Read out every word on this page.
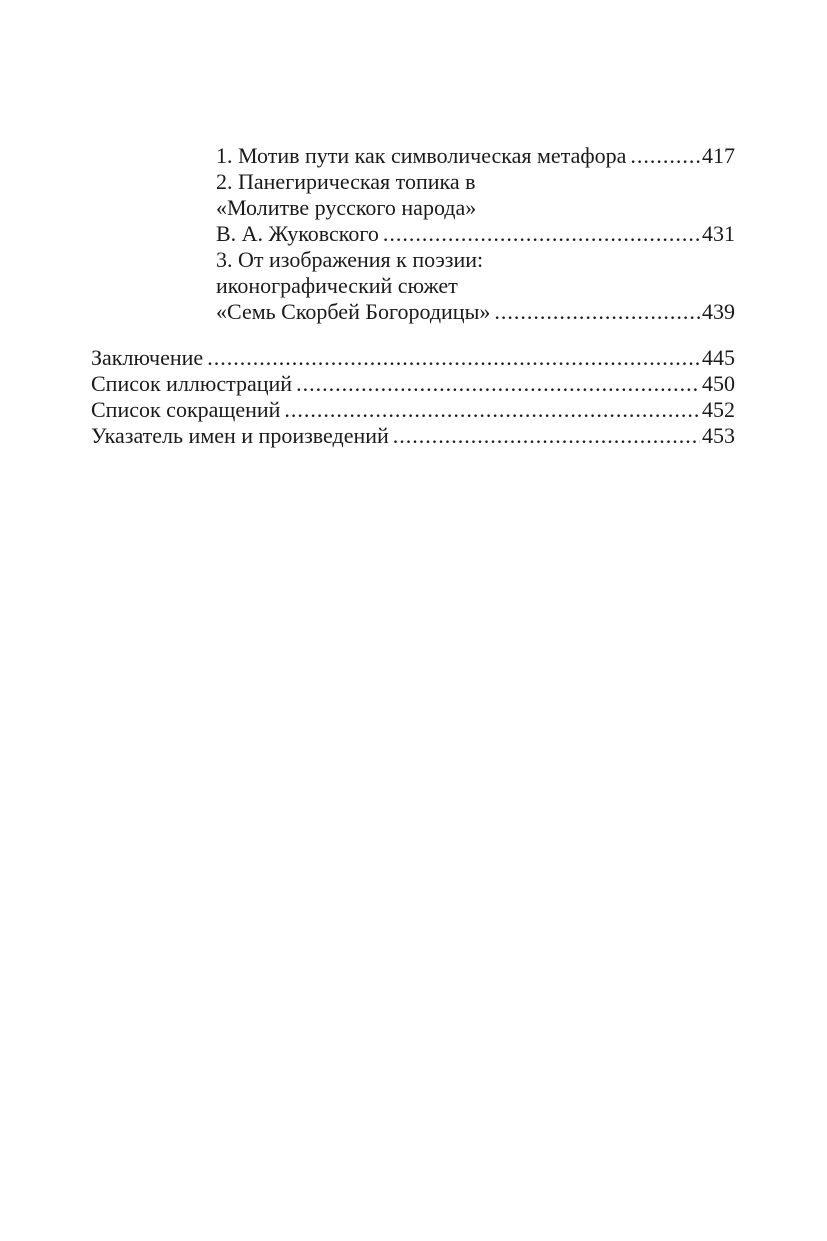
1. Мотив пути как символическая метафора .....	417
2. Панегирическая топика в
«Молитве русского народа»
В. А. Жуковского .....	431
3. От изображения к поэзии:
иконографический сюжет
«Семь Скорбей Богородицы» .....	439
Заключение .....	445
Список иллюстраций .....	450
Список сокращений .....	452
Указатель имен и произведений .....	453
